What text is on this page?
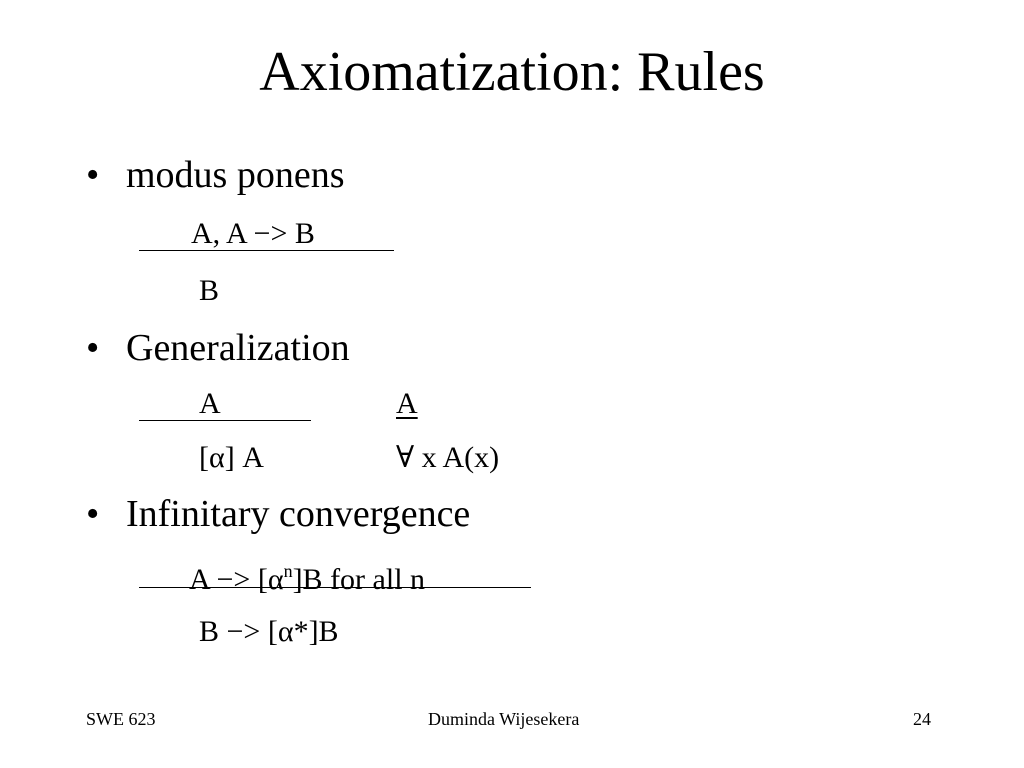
Axiomatization: Rules
• modus ponens
A, A −> B
B
• Generalization
A
[α] A
A
∀ x A(x)
• Infinitary convergence
$A -> [\alpha^n]B$ for all n
B −> [α*]B
SWE 623	Duminda Wijesekera	24
